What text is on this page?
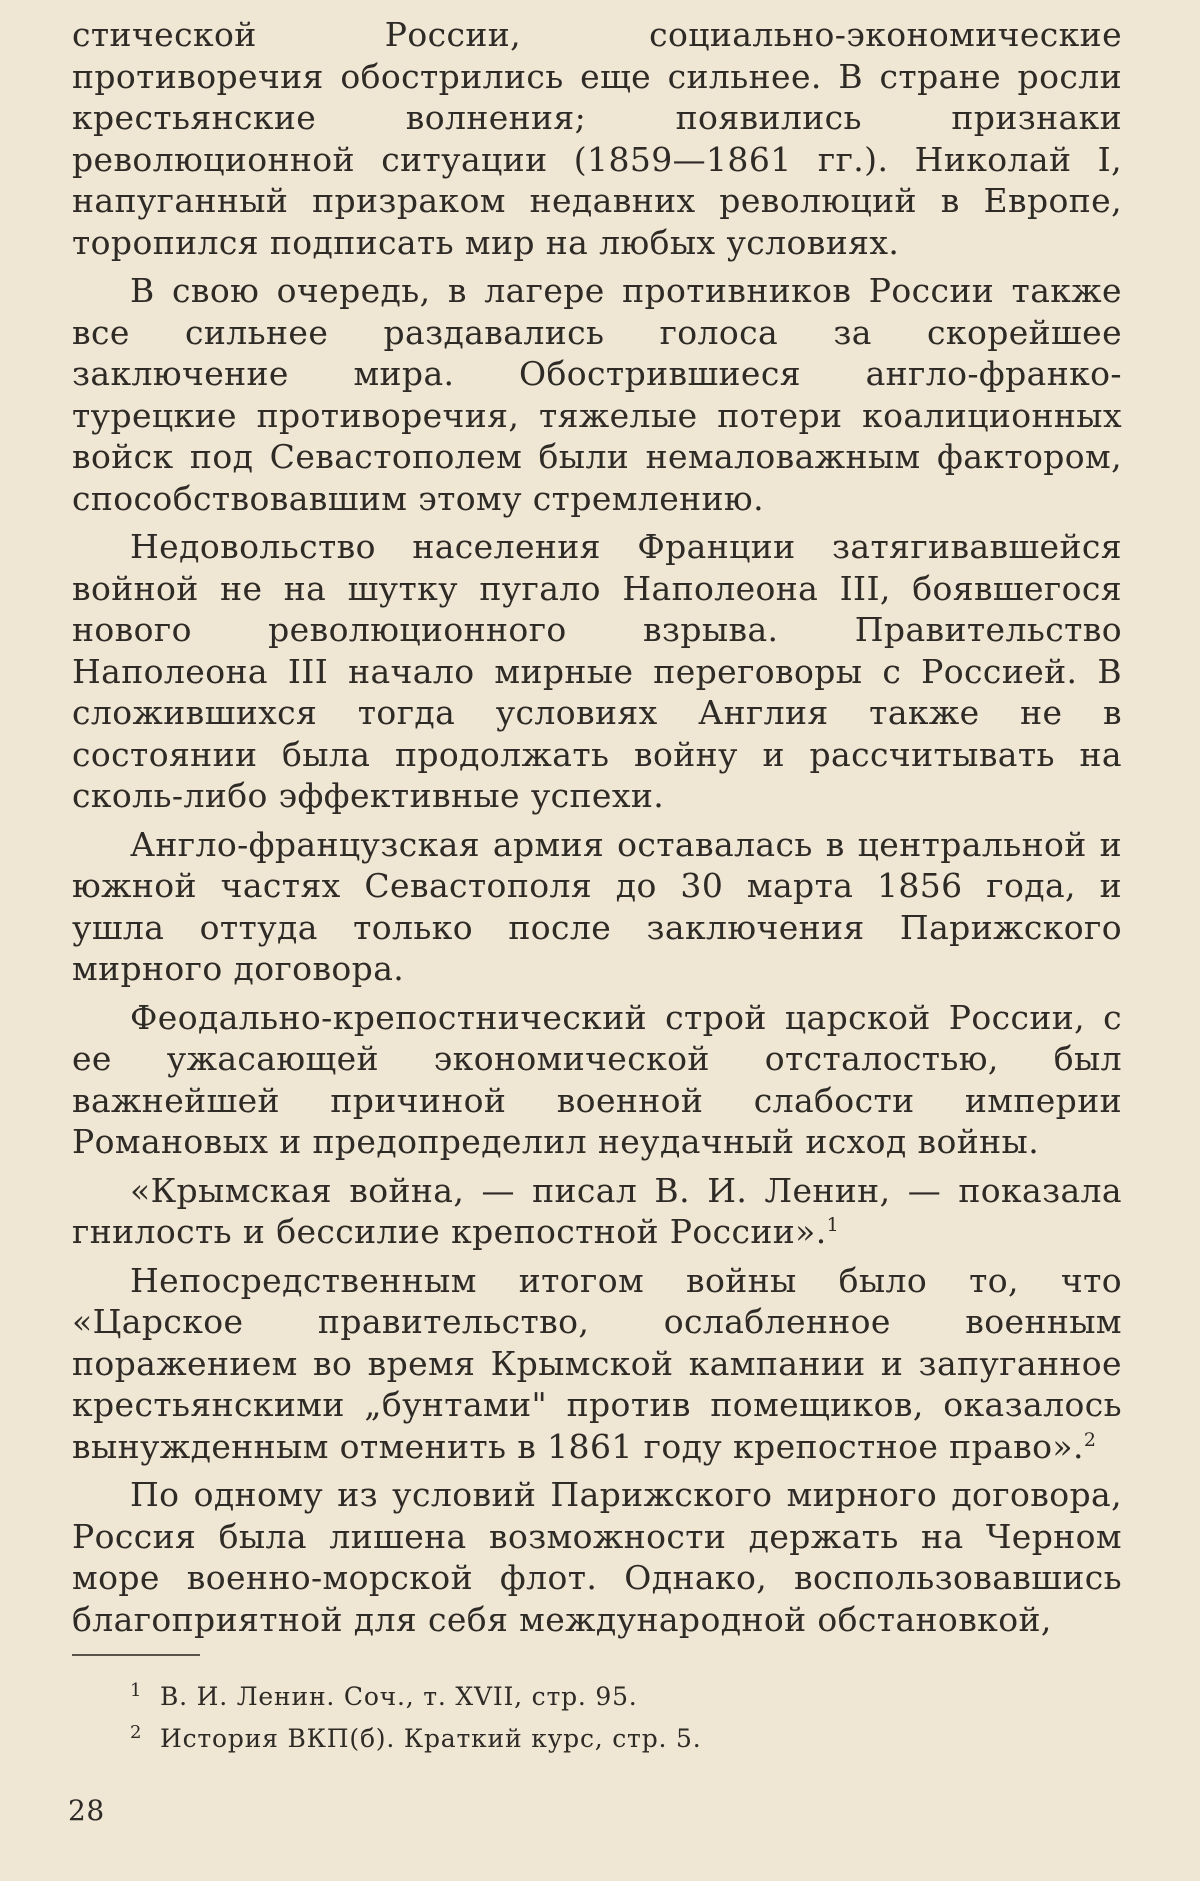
стической России, социально-экономические противоречия обострились еще сильнее. В стране росли крестьянские волнения; появились признаки революционной ситуации (1859—1861 гг.). Николай I, напуганный призраком недавних революций в Европе, торопился подписать мир на любых условиях.

В свою очередь, в лагере противников России также все сильнее раздавались голоса за скорейшее заключение мира. Обострившиеся англо-франко-турецкие противоречия, тяжелые потери коалиционных войск под Севастополем были немаловажным фактором, способствовавшим этому стремлению.

Недовольство населения Франции затягивавшейся войной не на шутку пугало Наполеона III, боявшегося нового революционного взрыва. Правительство Наполеона III начало мирные переговоры с Россией. В сложившихся тогда условиях Англия также не в состоянии была продолжать войну и рассчитывать на сколь-либо эффективные успехи.

Англо-французская армия оставалась в центральной и южной частях Севастополя до 30 марта 1856 года, и ушла оттуда только после заключения Парижского мирного договора.

Феодально-крепостнический строй царской России, с ее ужасающей экономической отсталостью, был важнейшей причиной военной слабости империи Романовых и предопределил неудачный исход войны.

«Крымская война, — писал В. И. Ленин, — показала гнилость и бессилие крепостной России».$^1$

Непосредственным итогом войны было то, что «Царское правительство, ослабленное военным поражением во время Крымской кампании и запуганное крестьянскими „бунтами" против помещиков, оказалось вынужденным отменить в 1861 году крепостное право».$^2$

По одному из условий Парижского мирного договора, Россия была лишена возможности держать на Черном море военно-морской флот. Однако, воспользовавшись благоприятной для себя международной обстановкой,

1 В. И. Ленин. Соч., т. XVII, стр. 95.
2 История ВКП(б). Краткий курс, стр. 5.
28
